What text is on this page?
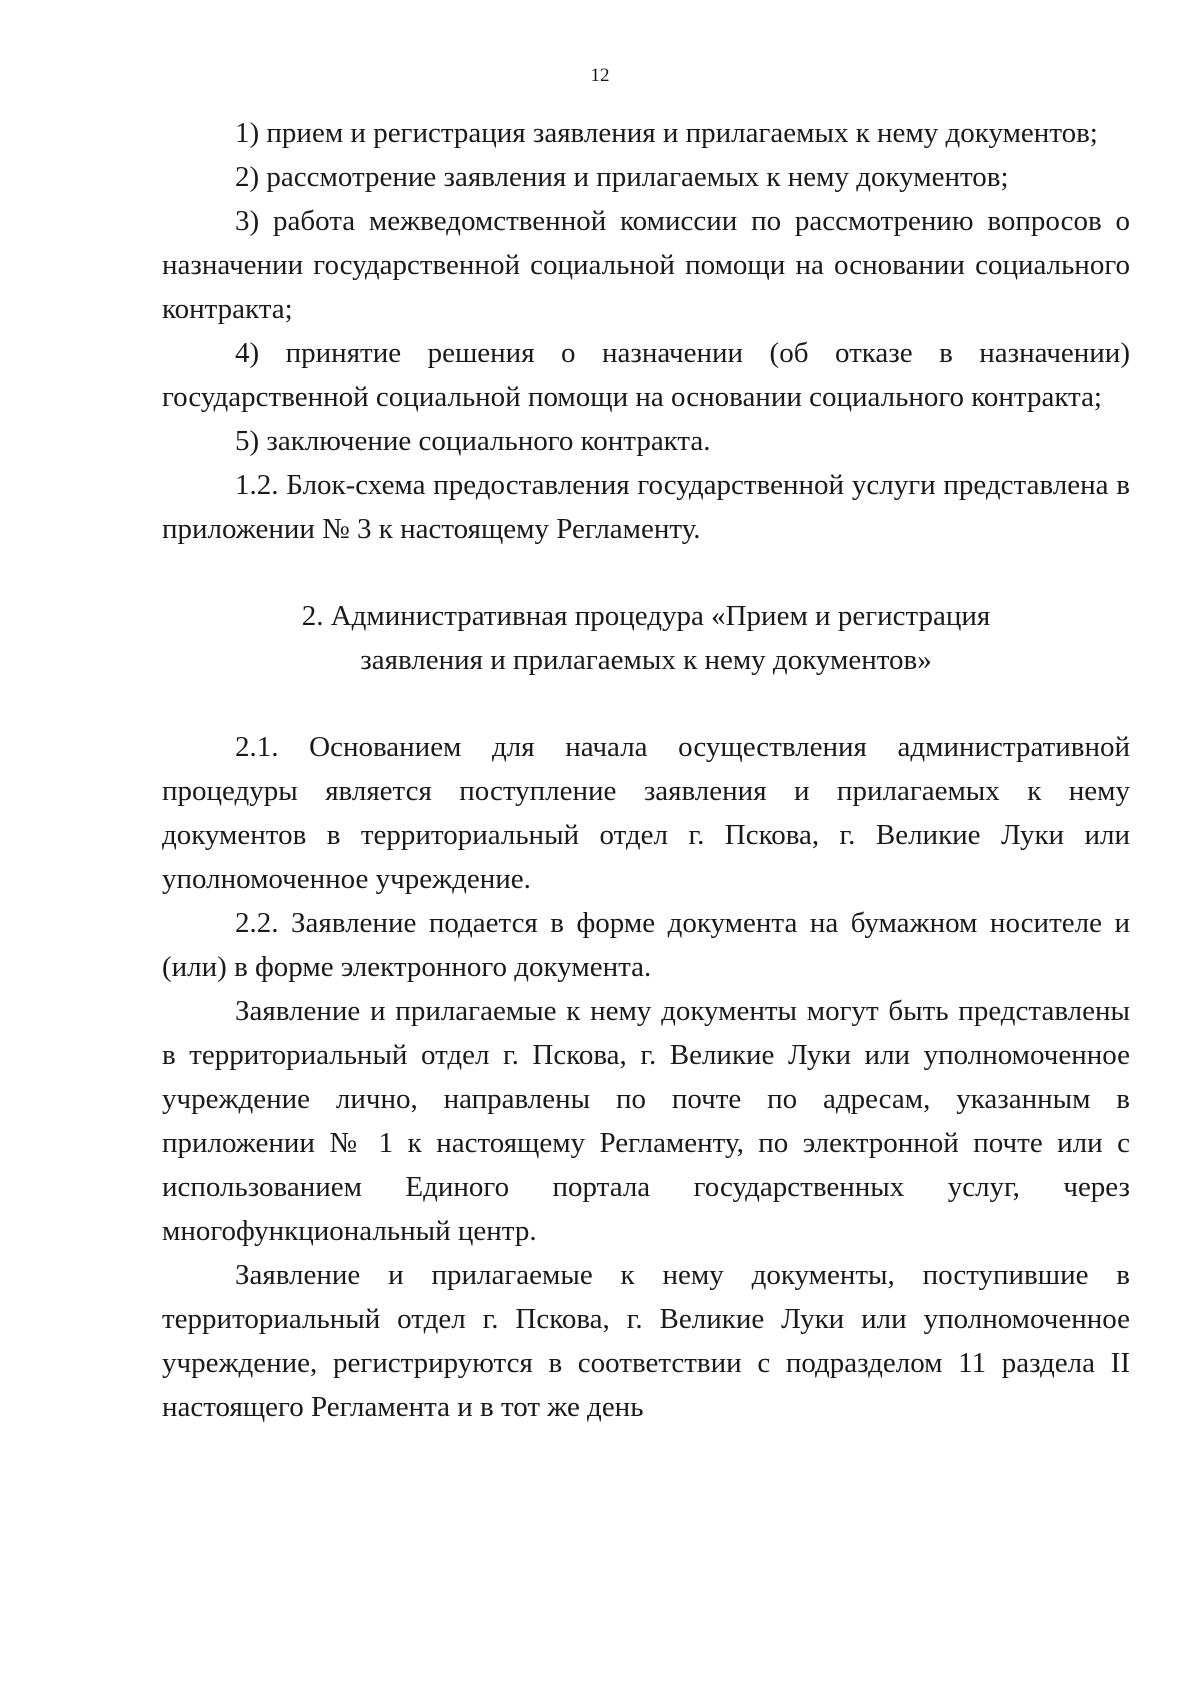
12

1) прием и регистрация заявления и прилагаемых к нему документов;

2) рассмотрение заявления и прилагаемых к нему документов;

3) работа межведомственной комиссии по рассмотрению вопросов о назначении государственной социальной помощи на основании социального контракта;

4) принятие решения о назначении (об отказе в назначении) государственной социальной помощи на основании социального контракта;

5) заключение социального контракта.

1.2. Блок-схема предоставления государственной услуги представлена в приложении № 3 к настоящему Регламенту.

2. Административная процедура «Прием и регистрация
заявления и прилагаемых к нему документов»

2.1. Основанием для начала осуществления административной процедуры является поступление заявления и прилагаемых к нему документов в территориальный отдел г. Пскова, г. Великие Луки или уполномоченное учреждение.

2.2. Заявление подается в форме документа на бумажном носителе и (или) в форме электронного документа.

Заявление и прилагаемые к нему документы могут быть представлены в территориальный отдел г. Пскова, г. Великие Луки или уполномоченное учреждение лично, направлены по почте по адресам, указанным в приложении № 1 к настоящему Регламенту, по электронной почте или с использованием Единого портала государственных услуг, через многофункциональный центр.

Заявление и прилагаемые к нему документы, поступившие в территориальный отдел г. Пскова, г. Великие Луки или уполномоченное учреждение, регистрируются в соответствии с подразделом 11 раздела II настоящего Регламента и в тот же день
